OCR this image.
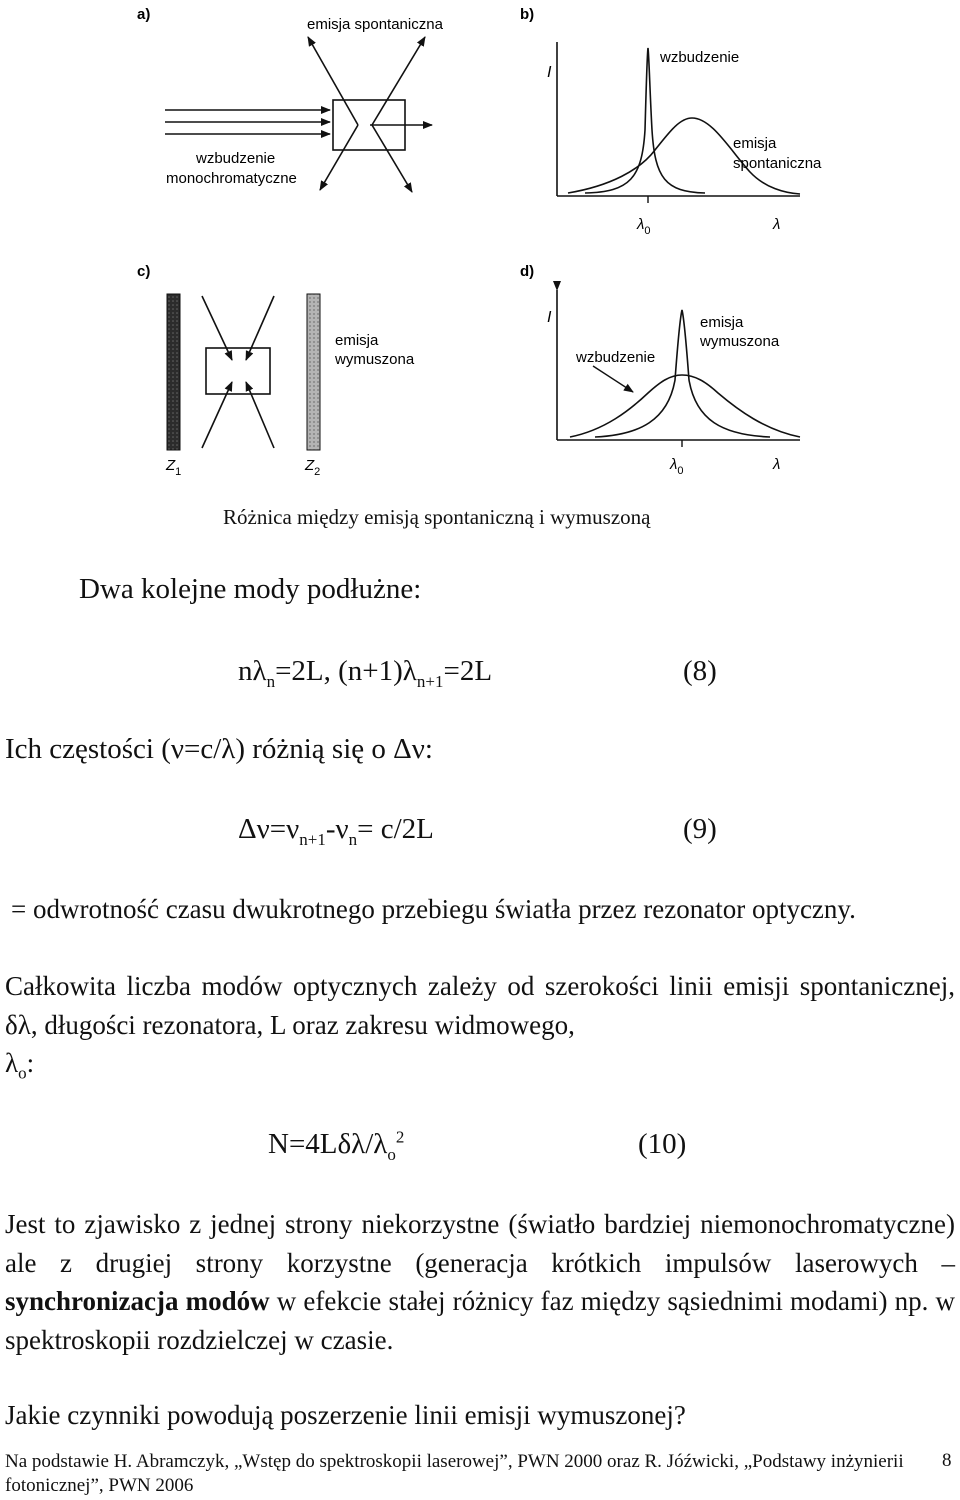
a)
emisja spontaniczna
wzbudzenie
monochromatyczne
b)
I
wzbudzenie
emisja
spontaniczna
$\lambda_0$	λ
c)
emisja
wymuszona
$Z_1$	$Z_2$
d)
I	emisja
wymuszona
wzbudzenie
$\lambda_0$	λ
Różnica między emisją spontaniczną i wymuszoną
Dwa kolejne mody podłużne:
$n\lambda_n=2L$, $(n+1)\lambda_{n+1}=2L$	(8)
Ich częstości (ν=c/λ) różnią się o Δν:
$\Delta\nu=\nu_{n+1}-\nu_n= c/2L$	(9)
= odwrotność czasu dwukrotnego przebiegu światła przez rezonator optyczny.
Całkowita liczba modów optycznych zależy od szerokości linii emisji spontanicznej, δλ, długości rezonatora, L oraz zakresu widmowego,
$\lambda_o$:
$N=4L\delta\lambda/\lambda_o^2$	(10)
Jest to zjawisko z jednej strony niekorzystne (światło bardziej niemonochromatyczne) ale z drugiej strony korzystne (generacja krótkich impulsów laserowych – synchronizacja modów w efekcie stałej różnicy faz między sąsiednimi modami) np. w spektroskopii rozdzielczej w czasie.
Jakie czynniki powodują poszerzenie linii emisji wymuszonej?
Na podstawie H. Abramczyk, „Wstęp do spektroskopii laserowej”, PWN 2000 oraz R. Jóźwicki, „Podstawy inżynierii fotonicznej”, PWN 2006
8
